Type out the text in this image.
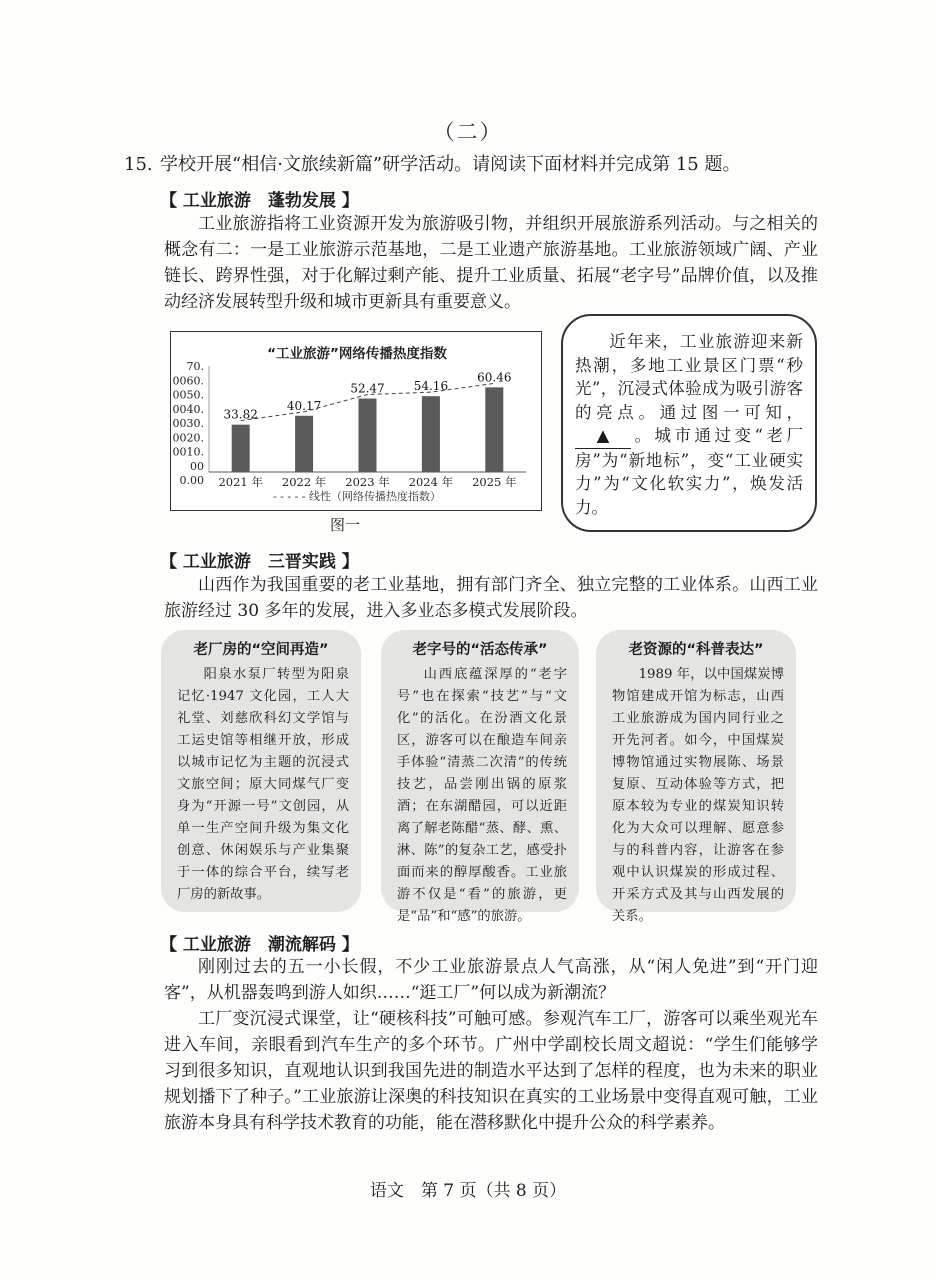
（二）
15. 学校开展“相信·文旅续新篇”研学活动。请阅读下面材料并完成第 15 题。
【 工业旅游　蓬勃发展 】
工业旅游指将工业资源开发为旅游吸引物，并组织开展旅游系列活动。与之相关的概念有二：一是工业旅游示范基地，二是工业遗产旅游基地。工业旅游领域广阔、产业链长、跨界性强，对于化解过剩产能、提升工业质量、拓展“老字号”品牌价值，以及推动经济发展转型升级和城市更新具有重要意义。
“工业旅游”网络传播热度指数
0.00
00
0010.
0020.
0030.
0040.
0050.
0060.
70.
2021 年 2022 年 2023 年 2024 年 2025 年
33.82
40.17
52.47 54.16
60.46
- - - - - 线性（网络传播热度指数）
图一
近年来，工业旅游迎来新热潮，多地工业景区门票“秒光”，沉浸式体验成为吸引游客的亮点。通过图一可知，▲ 。城市通过变“老厂房”为“新地标”，变“工业硬实力”为“文化软实力”，焕发活力。
【 工业旅游　三晋实践 】
山西作为我国重要的老工业基地，拥有部门齐全、独立完整的工业体系。山西工业旅游经过 30 多年的发展，进入多业态多模式发展阶段。
老厂房的“空间再造”
阳泉水泵厂转型为阳泉记忆·1947 文化园，工人大礼堂、刘慈欣科幻文学馆与工运史馆等相继开放，形成以城市记忆为主题的沉浸式文旅空间；原大同煤气厂变身为“开源一号”文创园，从单一生产空间升级为集文化创意、休闲娱乐与产业集聚于一体的综合平台，续写老厂房的新故事。
老字号的“活态传承”
山西底蕴深厚的“老字号”也在探索“技艺”与“文化”的活化。在汾酒文化景区，游客可以在酿造车间亲手体验“清蒸二次清”的传统技艺，品尝刚出锅的原浆酒；在东湖醋园，可以近距离了解老陈醋“蒸、酵、熏、淋、陈”的复杂工艺，感受扑面而来的醇厚酸香。工业旅游不仅是“看”的旅游，更是“品”和“感”的旅游。
老资源的“科普表达”
1989 年，以中国煤炭博物馆建成开馆为标志，山西工业旅游成为国内同行业之开先河者。如今，中国煤炭博物馆通过实物展陈、场景复原、互动体验等方式，把原本较为专业的煤炭知识转化为大众可以理解、愿意参与的科普内容，让游客在参观中认识煤炭的形成过程、开采方式及其与山西发展的关系。
【 工业旅游　潮流解码 】
刚刚过去的五一小长假，不少工业旅游景点人气高涨，从“闲人免进”到“开门迎客”，从机器轰鸣到游人如织……“逛工厂”何以成为新潮流？
工厂变沉浸式课堂，让“硬核科技”可触可感。参观汽车工厂，游客可以乘坐观光车进入车间，亲眼看到汽车生产的多个环节。广州中学副校长周文超说：“学生们能够学习到很多知识，直观地认识到我国先进的制造水平达到了怎样的程度，也为未来的职业规划播下了种子。”工业旅游让深奥的科技知识在真实的工业场景中变得直观可触，工业旅游本身具有科学技术教育的功能，能在潜移默化中提升公众的科学素养。
语文　第 7 页（共 8 页）
